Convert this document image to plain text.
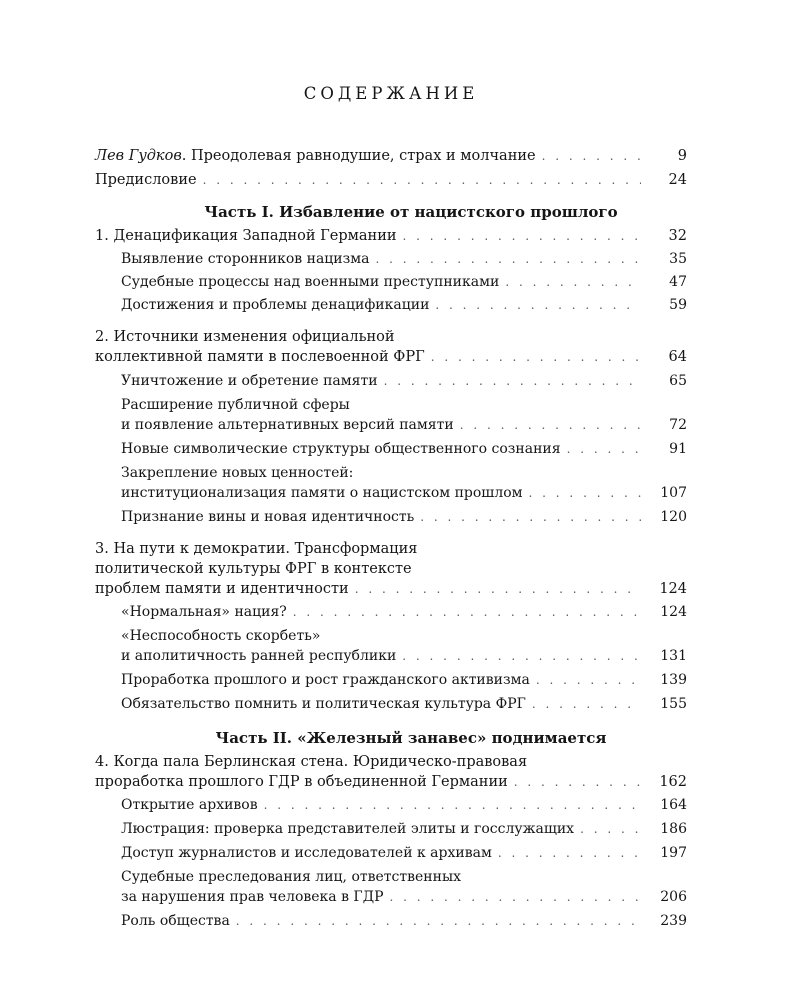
СОДЕРЖАНИЕ
Лев Гудков. Преодолевая равнодушие, страх и молчание . . .	9
Предисловие . . .	24
Часть I. Избавление от нацистского прошлого
1. Денацификация Западной Германии . . .	32
Выявление сторонников нацизма . . .	35
Судебные процессы над военными преступниками . . .	47
Достижения и проблемы денацификации . . .	59
2. Источники изменения официальной
коллективной памяти в послевоенной ФРГ . . .	64
Уничтожение и обретение памяти . . .	65
Расширение публичной сферы
и появление альтернативных версий памяти . . .	72
Новые символические структуры общественного сознания . . .	91
Закрепление новых ценностей:
институционализация памяти о нацистском прошлом . . .	107
Признание вины и новая идентичность . . .	120
3. На пути к демократии. Трансформация
политической культуры ФРГ в контексте
проблем памяти и идентичности . . .	124
«Нормальная» нация? . . .	124
«Неспособность скорбеть»
и аполитичность ранней республики . . .	131
Проработка прошлого и рост гражданского активизма . . .	139
Обязательство помнить и политическая культура ФРГ . . .	155
Часть II. «Железный занавес» поднимается
4. Когда пала Берлинская стена. Юридическо-правовая
проработка прошлого ГДР в объединенной Германии . . .	162
Открытие архивов . . .	164
Люстрация: проверка представителей элиты и госслужащих . . .	186
Доступ журналистов и исследователей к архивам . . .	197
Судебные преследования лиц, ответственных
за нарушения прав человека в ГДР . . .	206
Роль общества . . .	239
